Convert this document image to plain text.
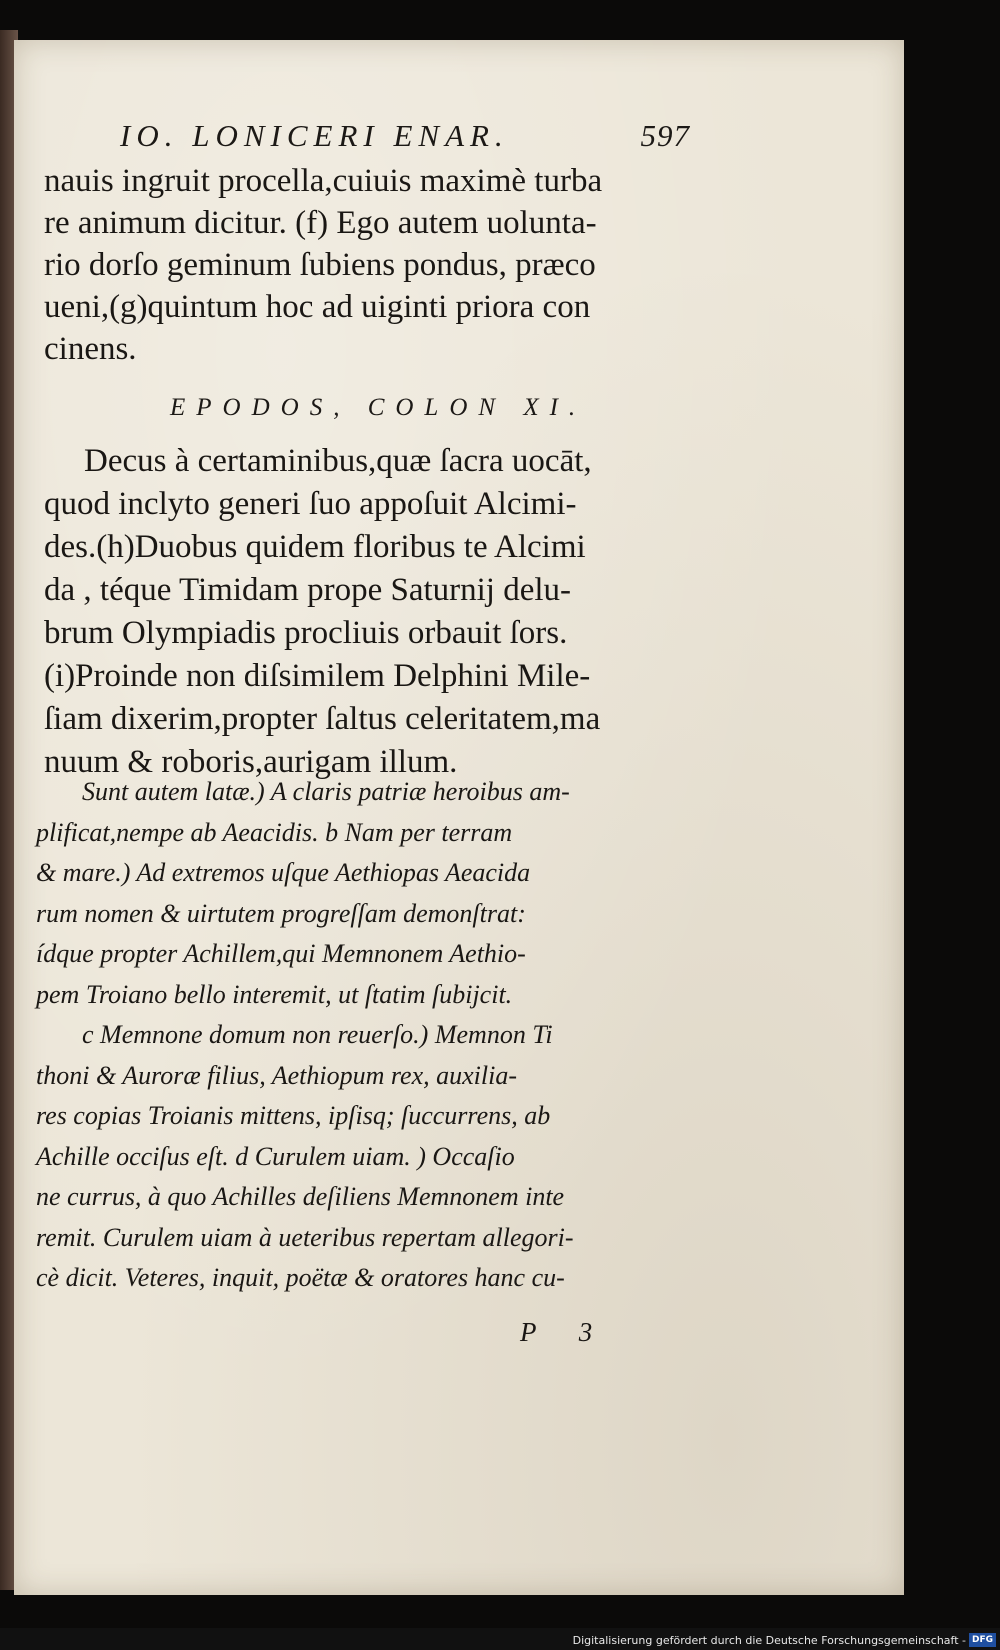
IO. LONICERI ENAR.	597
nauis ingruit procella,cuiuis maximè turba
re animum dicitur. (f) Ego autem uolunta-
rio dorſo geminum ſubiens pondus, præco
ueni,(g)quintum hoc ad uiginti priora con
cinens.
EPODOS, COLON XI.
Decus à certaminibus,quæ ſacra uocāt,
quod inclyto generi ſuo appoſuit Alcimi-
des.(h)Duobus quidem floribus te Alcimi
da , téque Timidam prope Saturnij delu-
brum Olympiadis procliuis orbauit ſors.
(i)Proinde non diſsimilem Delphini Mile-
ſiam dixerim,propter ſaltus celeritatem,ma
nuum & roboris,aurigam illum.
Sunt autem latæ.) A claris patriæ heroibus am-
plificat,nempe ab Aeacidis. b Nam per terram
& mare.) Ad extremos uſque Aethiopas Aeacida
rum nomen & uirtutem progreſſam demonſtrat:
ídque propter Achillem,qui Memnonem Aethio-
pem Troiano bello interemit, ut ſtatim ſubijcit.
c Memnone domum non reuerſo.) Memnon Ti
thoni & Auroræ filius, Aethiopum rex, auxilia-
res copias Troianis mittens, ipſisq; ſuccurrens, ab
Achille occiſus eſt. d Curulem uiam. ) Occaſio
ne currus, à quo Achilles deſiliens Memnonem inte
remit. Curulem uiam à ueteribus repertam allegori-
cè dicit. Veteres, inquit, poëtæ & oratores hanc cu-
P 3
Digitalisierung gefördert durch die Deutsche Forschungsgemeinschaft - DFG
